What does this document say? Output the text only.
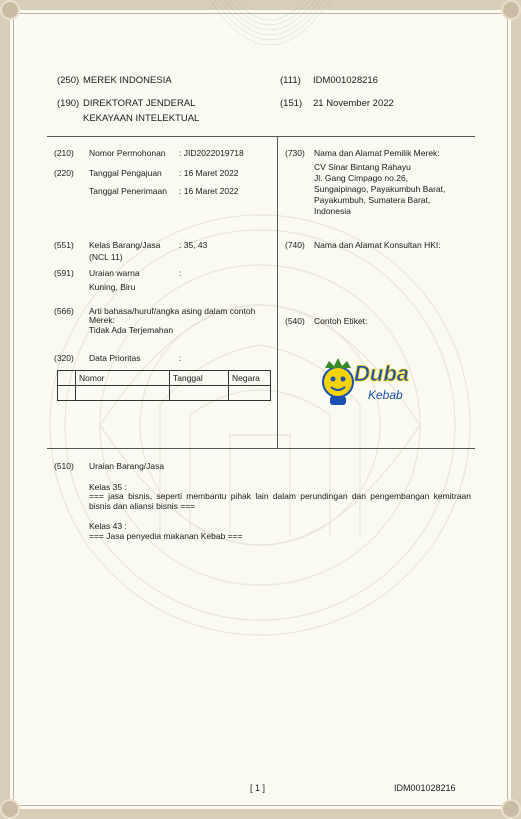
(250) MEREK INDONESIA	(111) IDM001028216
(190) DIREKTORAT JENDERAL
KEKAYAAN INTELEKTUAL
(151) 21 November 2022
(210) Nomor Permohonan : JID2022019718
(220) Tanggal Pengajuan : 16 Maret 2022
Tanggal Penerimaan : 16 Maret 2022
(551) Kelas Barang/Jasa : 35, 43
(NCL 11)
(591) Uraian warna	:
Kuning, Biru
(566) Arti bahasa/huruf/angka asing dalam contoh
Merek:
Tidak Ada Terjemahan
(320) Data Prioritas	:
	Nomor	Tanggal	Negara

(730) Nama dan Alamat Pemilik Merek:
CV Sinar Bintang Rahayu
Jl. Gang Cimpago no.26,
Sungaipinago, Payakumbuh Barat,
Payakumbuh, Sumatera Barat,
Indonesia
(740) Nama dan Alamat Konsultan HKI:
(540) Contoh Etiket:
Duba
Kebab
(510) Uraian Barang/Jasa
Kelas 35 :
=== jasa bisnis, seperti membantu pihak lain dalam perundingan dan pengembangan kemitraan bisnis dan aliansi bisnis ===
Kelas 43 :
=== Jasa penyedia makanan Kebab ===
[ 1 ]	IDM001028216
